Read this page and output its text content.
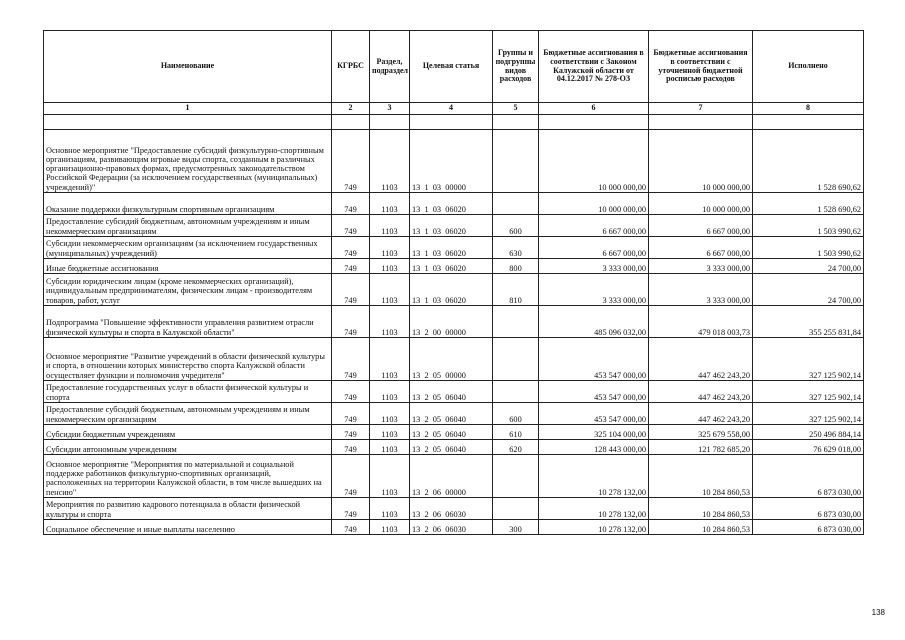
Наименование	КГРБС	Раздел, подраздел	Целевая статья	Группы и подгруппы видов расходов	Бюджетные ассигнования в соответствии с Законом Калужской области от 04.12.2017 № 278-ОЗ	Бюджетные ассигнования в соответствии с уточненной бюджетной росписью расходов	Исполнено
1	2	3	4	5	6	7	8

Основное мероприятие "Предоставление субсидий физкультурно-спортивным организациям, развивающим игровые виды спорта, созданным в различных организационно-правовых формах, предусмотренных законодательством Российской Федерации (за исключением государственных (муниципальных) учреждений)"	749	1103	13  1  03  00000		10 000 000,00	10 000 000,00	1 528 690,62
Оказание поддержки физкультурным спортивным организациям	749	1103	13  1  03  06020		10 000 000,00	10 000 000,00	1 528 690,62
Предоставление субсидий бюджетным, автономным учреждениям и иным некоммерческим организациям	749	1103	13  1  03  06020	600	6 667 000,00	6 667 000,00	1 503 990,62
Субсидии некоммерческим организациям (за исключением государственных (муниципальных) учреждений)	749	1103	13  1  03  06020	630	6 667 000,00	6 667 000,00	1 503 990,62
Иные бюджетные ассигнования	749	1103	13  1  03  06020	800	3 333 000,00	3 333 000,00	24 700,00
Субсидии юридическим лицам (кроме некоммерческих организаций), индивидуальным предпринимателям, физическим лицам - производителям товаров, работ, услуг	749	1103	13  1  03  06020	810	3 333 000,00	3 333 000,00	24 700,00
Подпрограмма "Повышение эффективности управления развитием отрасли физической культуры и спорта в Калужской области"	749	1103	13  2  00  00000		485 096 032,00	479 018 003,73	355 255 831,84
Основное мероприятие "Развитие учреждений в области физической культуры и спорта, в отношении которых министерство спорта Калужской области осуществляет функции и полномочия учредителя"	749	1103	13  2  05  00000		453 547 000,00	447 462 243,20	327 125 902,14
Предоставление государственных услуг в области физической культуры и спорта	749	1103	13  2  05  06040		453 547 000,00	447 462 243,20	327 125 902,14
Предоставление субсидий бюджетным, автономным учреждениям и иным некоммерческим организациям	749	1103	13  2  05  06040	600	453 547 000,00	447 462 243,20	327 125 902,14
Субсидии бюджетным учреждениям	749	1103	13  2  05  06040	610	325 104 000,00	325 679 558,00	250 496 884,14
Субсидии автономным учреждениям	749	1103	13  2  05  06040	620	128 443 000,00	121 782 685,20	76 629 018,00
Основное мероприятие "Мероприятия по материальной и социальной поддержке работников физкультурно-спортивных организаций, расположенных на территории Калужской области, в том числе вышедших на пенсию"	749	1103	13  2  06  00000		10 278 132,00	10 284 860,53	6 873 030,00
Мероприятия по развитию кадрового потенциала в области физической культуры и спорта	749	1103	13  2  06  06030		10 278 132,00	10 284 860,53	6 873 030,00
Социальное обеспечение и иные выплаты населению	749	1103	13  2  06  06030	300	10 278 132,00	10 284 860,53	6 873 030,00
138
